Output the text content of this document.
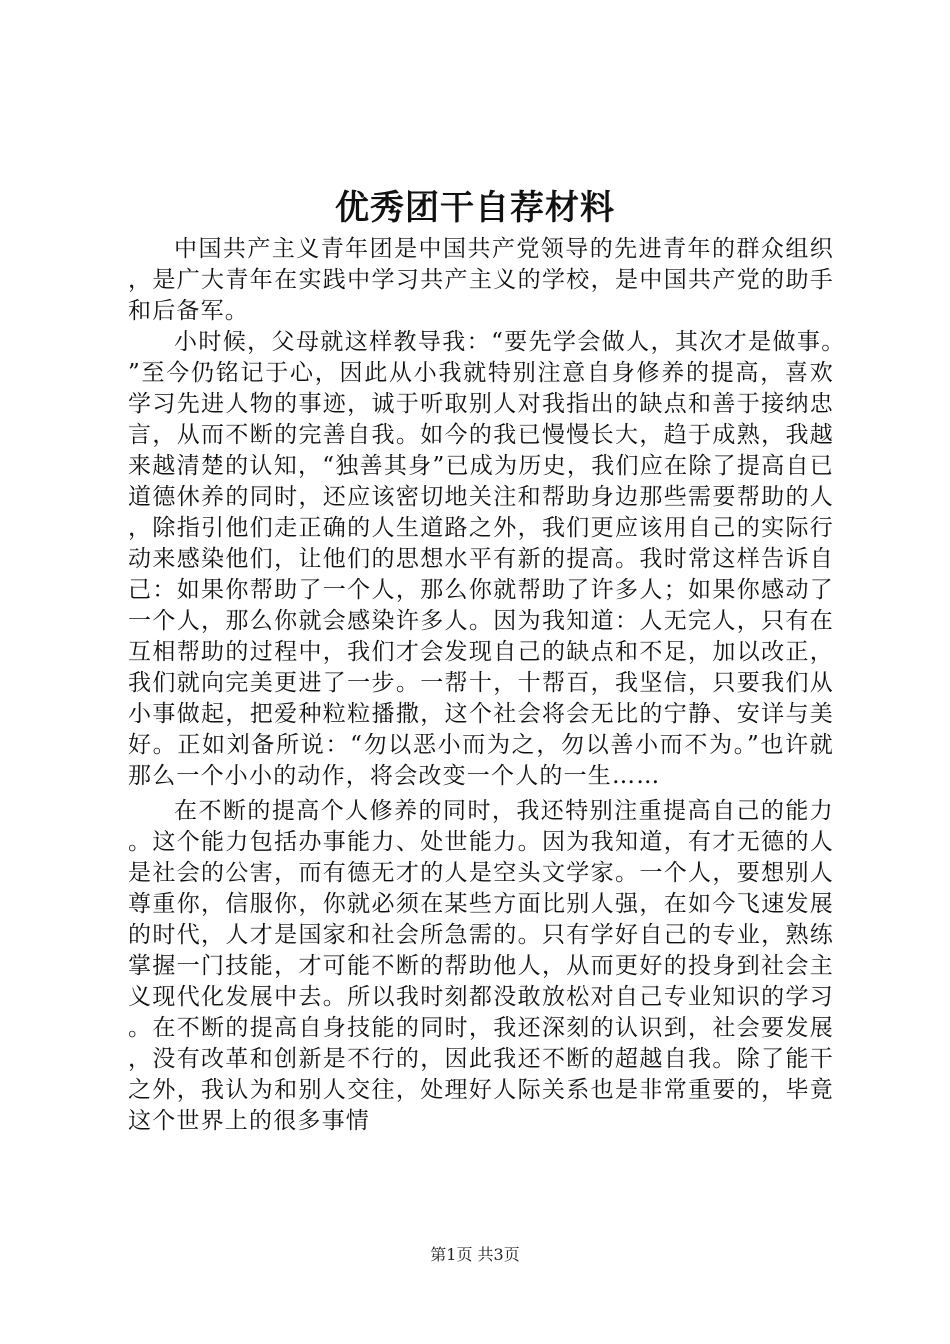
优秀团干自荐材料

中国共产主义青年团是中国共产党领导的先进青年的群众组织，是广大青年在实践中学习共产主义的学校，是中国共产党的助手和后备军。

小时候，父母就这样教导我：“要先学会做人，其次才是做事。”至今仍铭记于心，因此从小我就特别注意自身修养的提高，喜欢学习先进人物的事迹，诚于听取别人对我指出的缺点和善于接纳忠言，从而不断的完善自我。如今的我已慢慢长大，趋于成熟，我越来越清楚的认知，“独善其身”已成为历史，我们应在除了提高自已道德休养的同时，还应该密切地关注和帮助身边那些需要帮助的人，除指引他们走正确的人生道路之外，我们更应该用自己的实际行动来感染他们，让他们的思想水平有新的提高。我时常这样告诉自己：如果你帮助了一个人，那么你就帮助了许多人；如果你感动了一个人，那么你就会感染许多人。因为我知道：人无完人，只有在互相帮助的过程中，我们才会发现自己的缺点和不足，加以改正，我们就向完美更进了一步。一帮十，十帮百，我坚信，只要我们从小事做起，把爱种粒粒播撒，这个社会将会无比的宁静、安详与美好。正如刘备所说：“勿以恶小而为之，勿以善小而不为。”也许就那么一个小小的动作，将会改变一个人的一生……

在不断的提高个人修养的同时，我还特别注重提高自己的能力。这个能力包括办事能力、处世能力。因为我知道，有才无德的人是社会的公害，而有德无才的人是空头文学家。一个人，要想别人尊重你，信服你，你就必须在某些方面比别人强，在如今飞速发展的时代，人才是国家和社会所急需的。只有学好自己的专业，熟练掌握一门技能，才可能不断的帮助他人，从而更好的投身到社会主义现代化发展中去。所以我时刻都没敢放松对自己专业知识的学习。在不断的提高自身技能的同时，我还深刻的认识到，社会要发展，没有改革和创新是不行的，因此我还不断的超越自我。除了能干之外，我认为和别人交往，处理好人际关系也是非常重要的，毕竟这个世界上的很多事情

第1页 共3页
